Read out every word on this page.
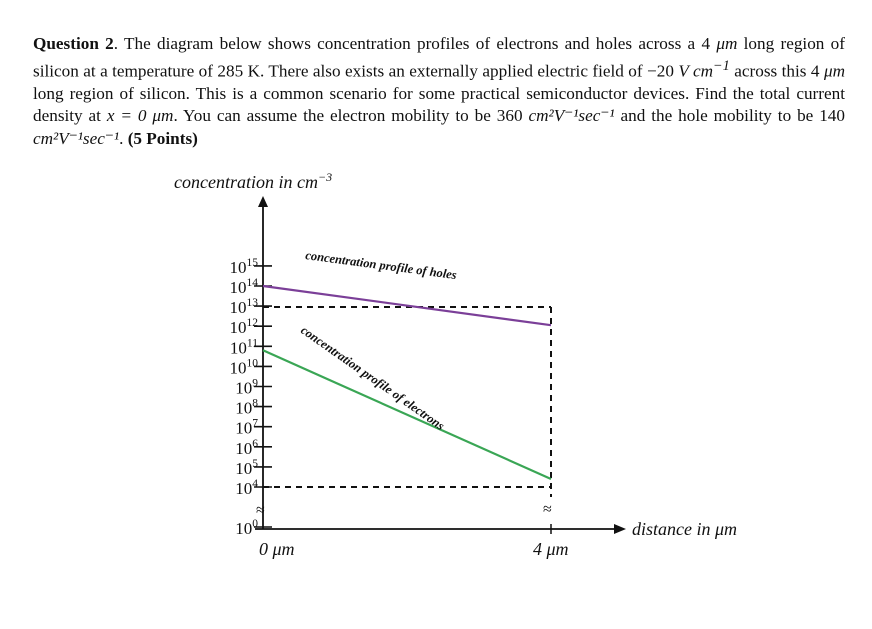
Question 2. The diagram below shows concentration profiles of electrons and holes across a 4 μm long region of silicon at a temperature of 285 K. There also exists an externally applied electric field of −20 V $cm^{-1}$ across this 4 μm long region of silicon. This is a common scenario for some practical semiconductor devices. Find the total current density at x = 0 μm. You can assume the electron mobility to be 360 cm²V⁻¹sec⁻¹ and the hole mobility to be 140 cm²V⁻¹sec⁻¹. (5 Points)
concentration in $cm^{-3}$
distance in μm
0 μm	4 μm
$10^{15}$
$10^{14}$
$10^{13}$
$10^{12}$
$10^{11}$
$10^{10}$
$10^9$
$10^8$
$10^7$
$10^6$
$10^5$
$10^4$
$10^0$
≈	≈
concentration profile of holes
concentration profile of electrons
